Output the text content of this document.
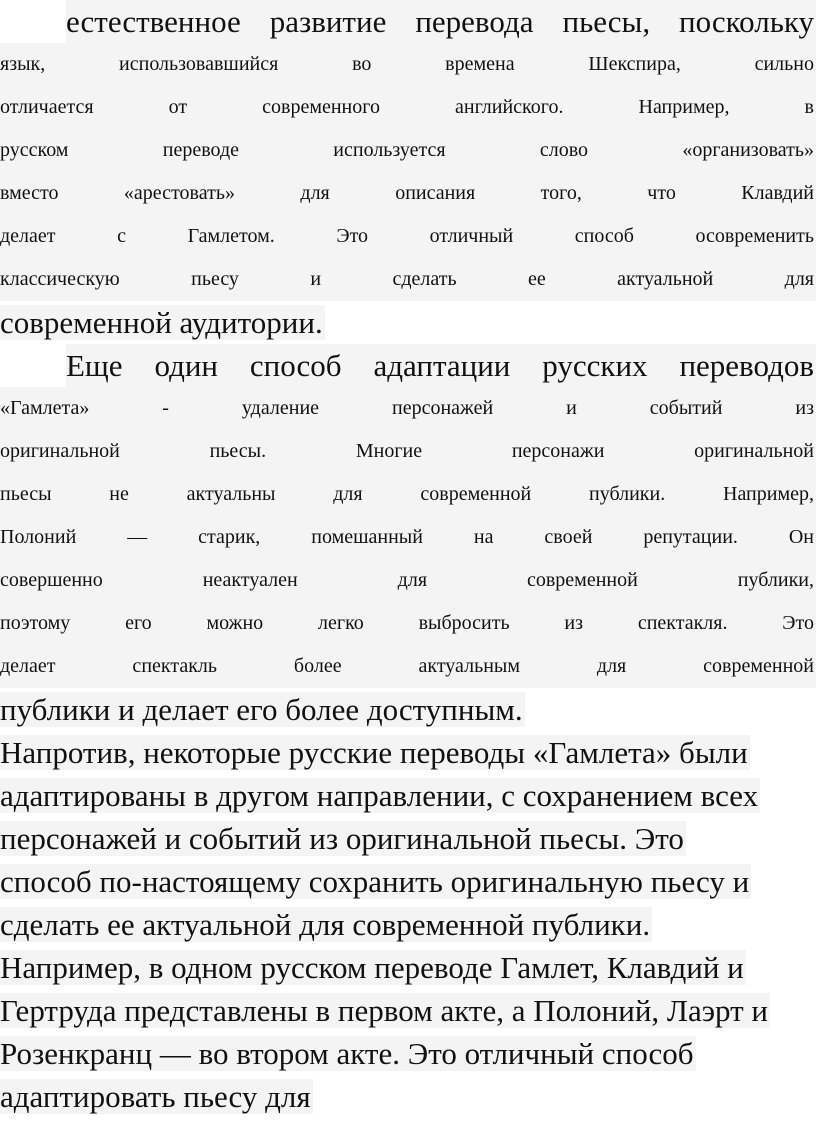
естественное развитие перевода пьесы, поскольку

язык, использовавшийся во времена Шекспира, сильно

отличается от современного английского. Например, в

русском переводе используется слово «организовать»

вместо «арестовать» для описания того, что Клавдий

делает с Гамлетом. Это отличный способ осовременить

классическую пьесу и сделать ее актуальной для

современной аудитории.

Еще один способ адаптации русских переводов

«Гамлета» - удаление персонажей и событий из

оригинальной пьесы. Многие персонажи оригинальной

пьесы не актуальны для современной публики. Например,

Полоний — старик, помешанный на своей репутации. Он

совершенно неактуален для современной публики,

поэтому его можно легко выбросить из спектакля. Это

делает спектакль более актуальным для современной

публики и делает его более доступным.

Напротив, некоторые русские переводы «Гамлета» были

адаптированы в другом направлении, с сохранением всех

персонажей и событий из оригинальной пьесы. Это

способ по-настоящему сохранить оригинальную пьесу и

сделать ее актуальной для современной публики.

Например, в одном русском переводе Гамлет, Клавдий и

Гертруда представлены в первом акте, а Полоний, Лаэрт и

Розенкранц — во втором акте. Это отличный способ

адаптировать пьесу для
